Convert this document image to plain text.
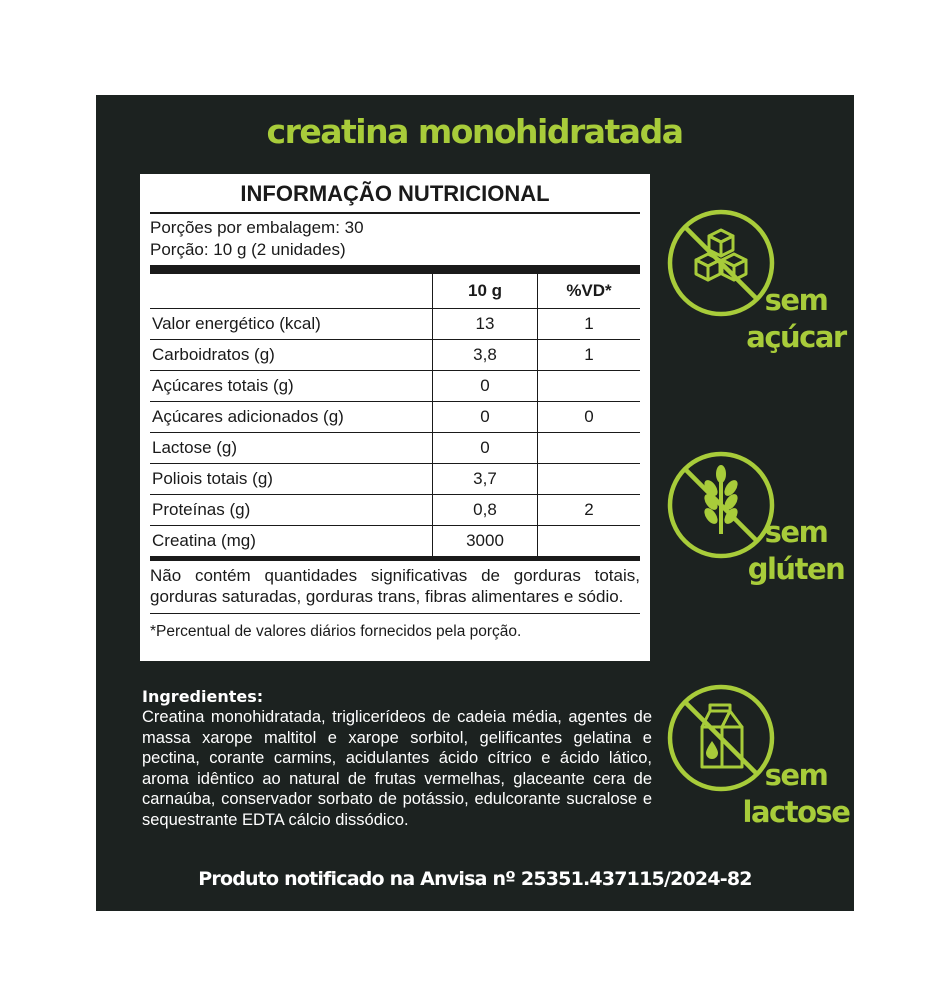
creatina monohidratada
INFORMAÇÃO NUTRICIONAL
Porções por embalagem: 30
Porção: 10 g (2 unidades)
	10 g	%VD*
Valor energético (kcal)	13	1
Carboidratos (g)	3,8	1
Açúcares totais (g)	0	
Açúcares adicionados (g)	0	0
Lactose (g)	0	
Poliois totais (g)	3,7	
Proteínas (g)	0,8	2
Creatina (mg)	3000	
Não contém quantidades significativas de gorduras totais, gorduras saturadas, gorduras trans, fibras alimentares e sódio.
*Percentual de valores diários fornecidos pela porção.
Ingredientes:
Creatina monohidratada, triglicerídeos de cadeia média, agentes de massa xarope maltitol e xarope sorbitol, gelificantes gelatina e pectina, corante carmins, acidulantes ácido cítrico e ácido lático, aroma idêntico ao natural de frutas vermelhas, glaceante cera de carnaúba, conservador sorbato de potássio, edulcorante sucralose e sequestrante EDTA cálcio dissódico.
Produto notificado na Anvisa nº 25351.437115/2024-82
sem
açúcar
sem
glúten
sem
lactose
